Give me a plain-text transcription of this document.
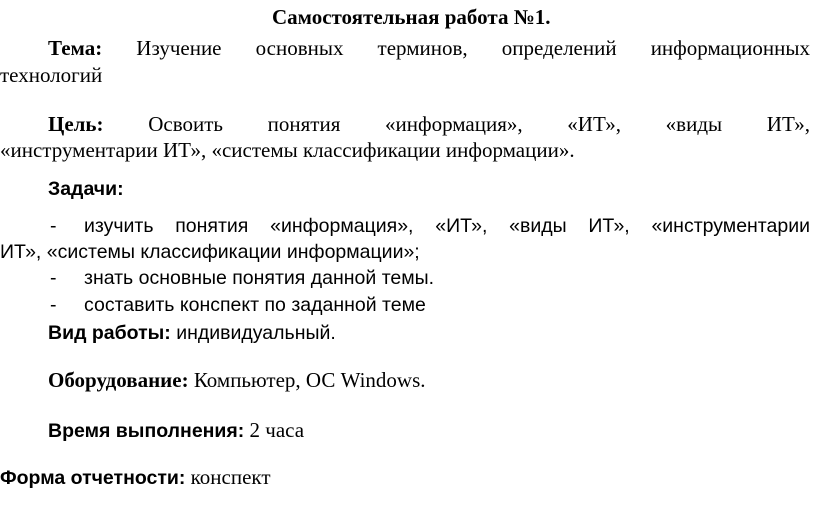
Самостоятельная работа №1.
Тема: Изучение основных терминов, определений информационных
технологий
Цель: Освоить понятия «информация», «ИТ», «виды ИТ»,
«инструментарии ИТ», «системы классификации информации».
Задачи:
- изучить понятия «информация», «ИТ», «виды ИТ», «инструментарии
ИТ», «системы классификации информации»;
- знать основные понятия данной темы.
- составить конспект по заданной теме
Вид работы: индивидуальный.
Оборудование: Компьютер, ОС Windows.
Время выполнения: 2 часа
Форма отчетности: конспект
